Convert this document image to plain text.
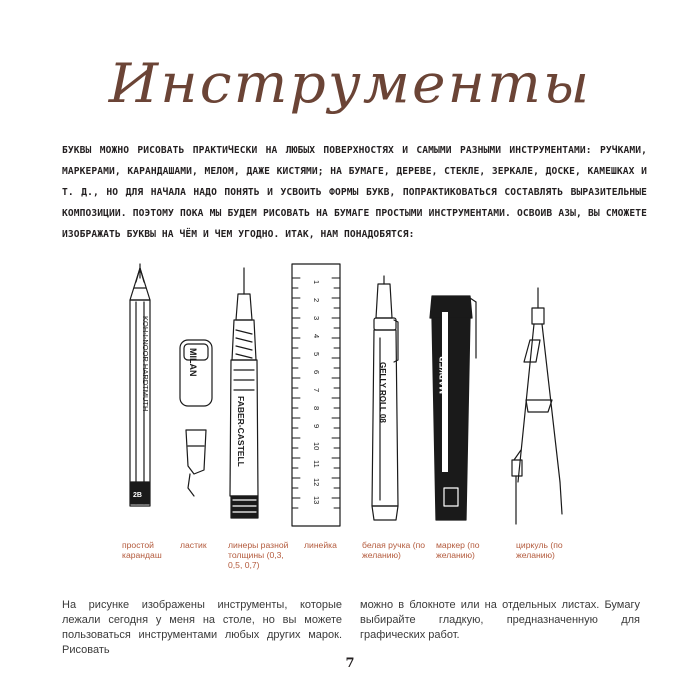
Инструменты
БУКВЫ МОЖНО РИСОВАТЬ ПРАКТИЧЕСКИ НА ЛЮБЫХ ПОВЕРХНОСТЯХ И САМЫМИ РАЗНЫМИ ИНСТРУМЕНТАМИ: РУЧКАМИ, МАРКЕРАМИ, КАРАНДАШАМИ, МЕЛОМ, ДАЖЕ КИСТЯМИ; НА БУМАГЕ, ДЕРЕВЕ, СТЕКЛЕ, ЗЕРКАЛЕ, ДОСКЕ, КАМЕШКАХ И Т. Д., НО ДЛЯ НАЧАЛА НАДО ПОНЯТЬ И УСВОИТЬ ФОРМЫ БУКВ, ПОПРАКТИКОВАТЬСЯ СОСТАВЛЯТЬ ВЫРАЗИТЕЛЬНЫЕ КОМПОЗИЦИИ. ПОЭТОМУ ПОКА МЫ БУДЕМ РИСОВАТЬ НА БУМАГЕ ПРОСТЫМИ ИНСТРУМЕНТАМИ. ОСВОИВ АЗЫ, ВЫ СМОЖЕТЕ ИЗОБРАЖАТЬ БУКВЫ НА ЧЁМ И ЧЕМ УГОДНО. ИТАК, НАМ ПОНАДОБЯТСЯ:
KOH-I-NOOR HARDTMUTH
2B
MILAN
FABER-CASTELL
1
2
3
4
5
6
7
8
9
10
11
12
13
GELLY ROLL 08	МАРКЕР
простой карандаш
ластик	линеры разной толщины (0,3, 0,5, 0,7)
линейка	белая ручка (по желанию)
маркер (по желанию)
циркуль (по желанию)
На рисунке изображены инструменты, которые лежали сегодня у меня на столе, но вы можете пользоваться инструментами любых других марок. Рисовать
можно в блокноте или на отдельных листах. Бумагу выбирайте гладкую, предназначенную для графических работ.
7
